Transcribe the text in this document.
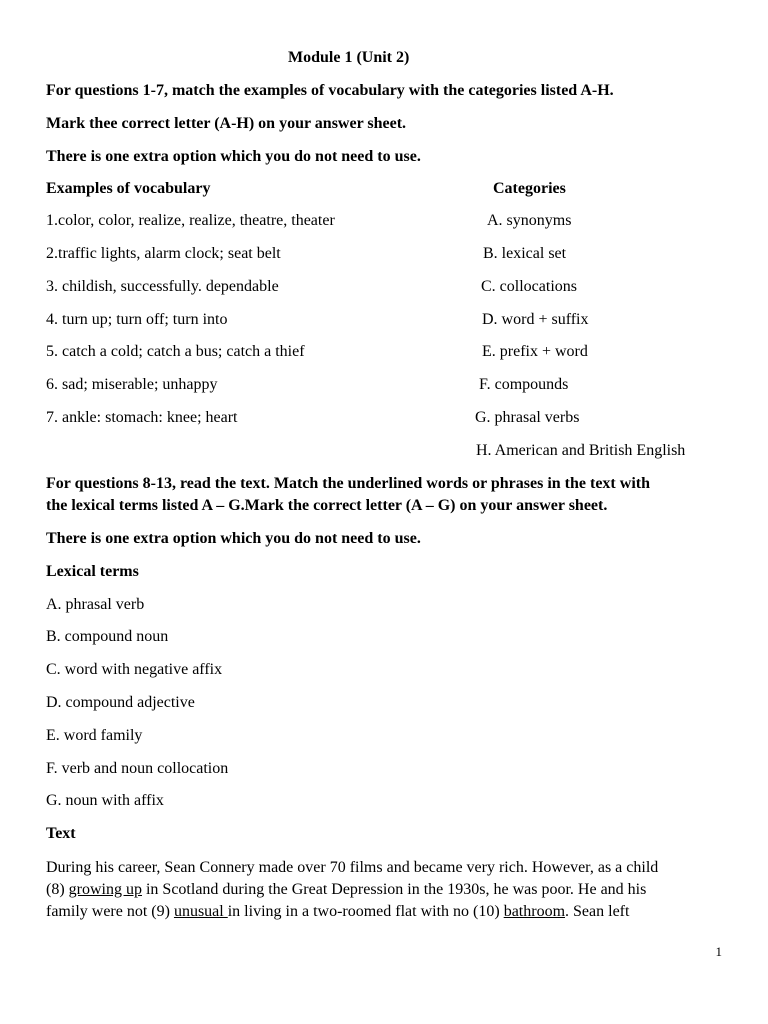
Module 1 (Unit 2)
For questions 1-7, match the examples of vocabulary with the categories listed A-H.
Mark thee correct letter (A-H) on your answer sheet.
There is one extra option which you do not need to use.
Examples of vocabulary	Categories
1.color, color, realize, realize, theatre, theater
2.traffic lights, alarm clock; seat belt
3. childish, successfully. dependable
4. turn up; turn off; turn into
5. catch a cold; catch a bus; catch a thief
6. sad; miserable; unhappy
7. ankle: stomach: knee; heart
A. synonyms
B. lexical set
C. collocations
D. word + suffix
E. prefix + word
F. compounds
G. phrasal verbs
H. American and British English
For questions 8-13, read the text. Match the underlined words or phrases in the text with
the lexical terms listed A – G.Mark the correct letter (A – G) on your answer sheet.
There is one extra option which you do not need to use.
Lexical terms
A. phrasal verb
B. compound noun
C. word with negative affix
D. compound adjective
E. word family
F. verb and noun collocation
G. noun with affix
Text
During his career, Sean Connery made over 70 films and became very rich. However, as a child
(8) growing up in Scotland during the Great Depression in the 1930s, he was poor. He and his
family were not (9) unusual in living in a two-roomed flat with no (10) bathroom. Sean left
1
